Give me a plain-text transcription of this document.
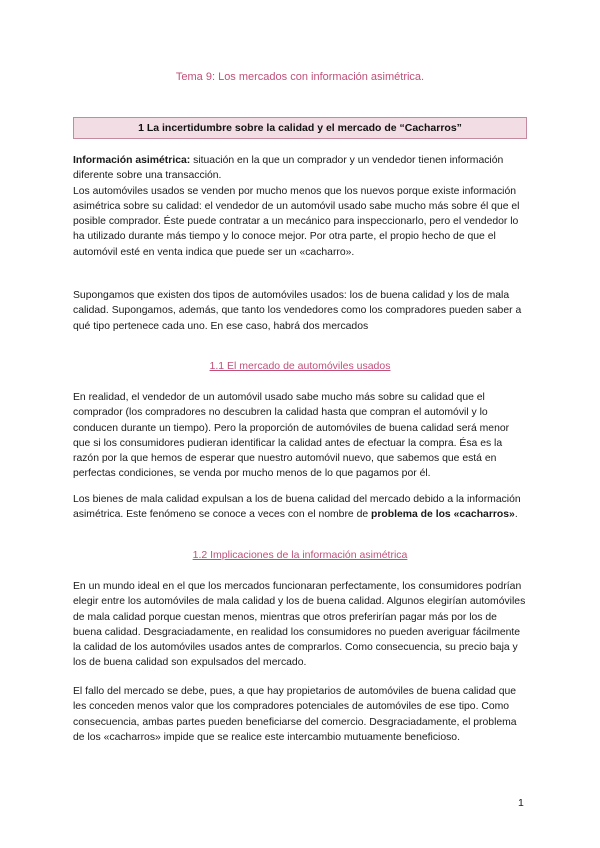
Tema 9: Los mercados con información asimétrica.
1 La incertidumbre sobre la calidad y el mercado de “Cacharros”

Información asimétrica: situación en la que un comprador y un vendedor tienen información diferente sobre una transacción.
Los automóviles usados se venden por mucho menos que los nuevos porque existe información asimétrica sobre su calidad: el vendedor de un automóvil usado sabe mucho más sobre él que el posible comprador. Éste puede contratar a un mecánico para inspeccionarlo, pero el vendedor lo ha utilizado durante más tiempo y lo conoce mejor. Por otra parte, el propio hecho de que el automóvil esté en venta indica que puede ser un «cacharro».

Supongamos que existen dos tipos de automóviles usados: los de buena calidad y los de mala calidad. Supongamos, además, que tanto los vendedores como los compradores pueden saber a qué tipo pertenece cada uno. En ese caso, habrá dos mercados

1.1 El mercado de automóviles usados

En realidad, el vendedor de un automóvil usado sabe mucho más sobre su calidad que el comprador (los compradores no descubren la calidad hasta que compran el automóvil y lo conducen durante un tiempo). Pero la proporción de automóviles de buena calidad será menor que si los consumidores pudieran identificar la calidad antes de efectuar la compra. Ésa es la razón por la que hemos de esperar que nuestro automóvil nuevo, que sabemos que está en perfectas condiciones, se venda por mucho menos de lo que pagamos por él.

Los bienes de mala calidad expulsan a los de buena calidad del mercado debido a la información asimétrica. Este fenómeno se conoce a veces con el nombre de problema de los «cacharros».

1.2 Implicaciones de la información asimétrica

En un mundo ideal en el que los mercados funcionaran perfectamente, los consumidores podrían elegir entre los automóviles de mala calidad y los de buena calidad. Algunos elegirían automóviles de mala calidad porque cuestan menos, mientras que otros preferirían pagar más por los de buena calidad. Desgraciadamente, en realidad los consumidores no pueden averiguar fácilmente la calidad de los automóviles usados antes de comprarlos. Como consecuencia, su precio baja y los de buena calidad son expulsados del mercado.

El fallo del mercado se debe, pues, a que hay propietarios de automóviles de buena calidad que les conceden menos valor que los compradores potenciales de automóviles de ese tipo. Como consecuencia, ambas partes pueden beneficiarse del comercio. Desgraciadamente, el problema de los «cacharros» impide que se realice este intercambio mutuamente beneficioso.

1
